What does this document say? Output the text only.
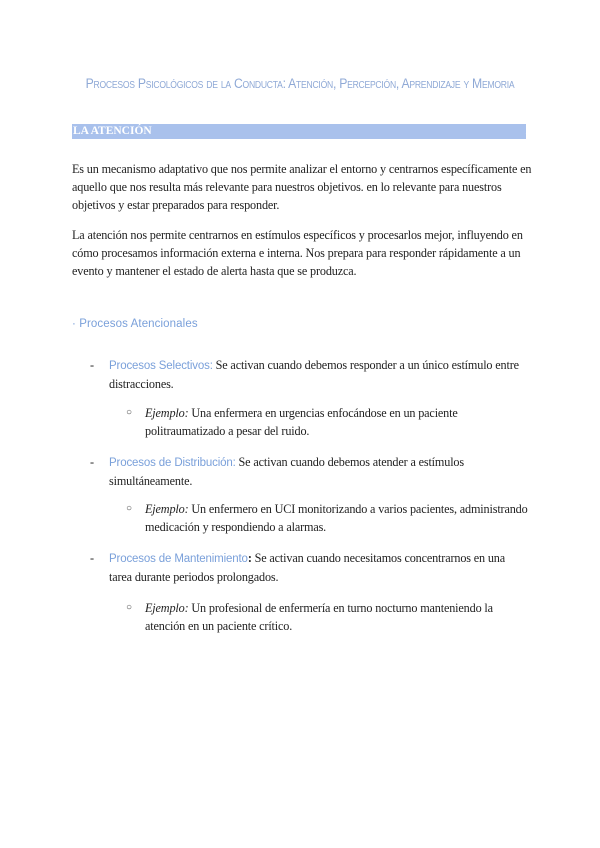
Procesos Psicológicos de la Conducta: Atención, Percepción, Aprendizaje y Memoria
LA ATENCIÓN	.

Es un mecanismo adaptativo que nos permite analizar el entorno y centrarnos específicamente en aquello que nos resulta más relevante para nuestros objetivos. en lo relevante para nuestros objetivos y estar preparados para responder.

La atención nos permite centrarnos en estímulos específicos y procesarlos mejor, influyendo en cómo procesamos información externa e interna. Nos prepara para responder rápidamente a un evento y mantener el estado de alerta hasta que se produzca.

· Procesos Atencionales
- Procesos Selectivos: Se activan cuando debemos responder a un único estímulo entre distracciones.
○ Ejemplo: Una enfermera en urgencias enfocándose en un paciente politraumatizado a pesar del ruido.
- Procesos de Distribución: Se activan cuando debemos atender a estímulos simultáneamente.
○ Ejemplo: Un enfermero en UCI monitorizando a varios pacientes, administrando medicación y respondiendo a alarmas.
- Procesos de Mantenimiento: Se activan cuando necesitamos concentrarnos en una tarea durante periodos prolongados.
○ Ejemplo: Un profesional de enfermería en turno nocturno manteniendo la atención en un paciente crítico.
